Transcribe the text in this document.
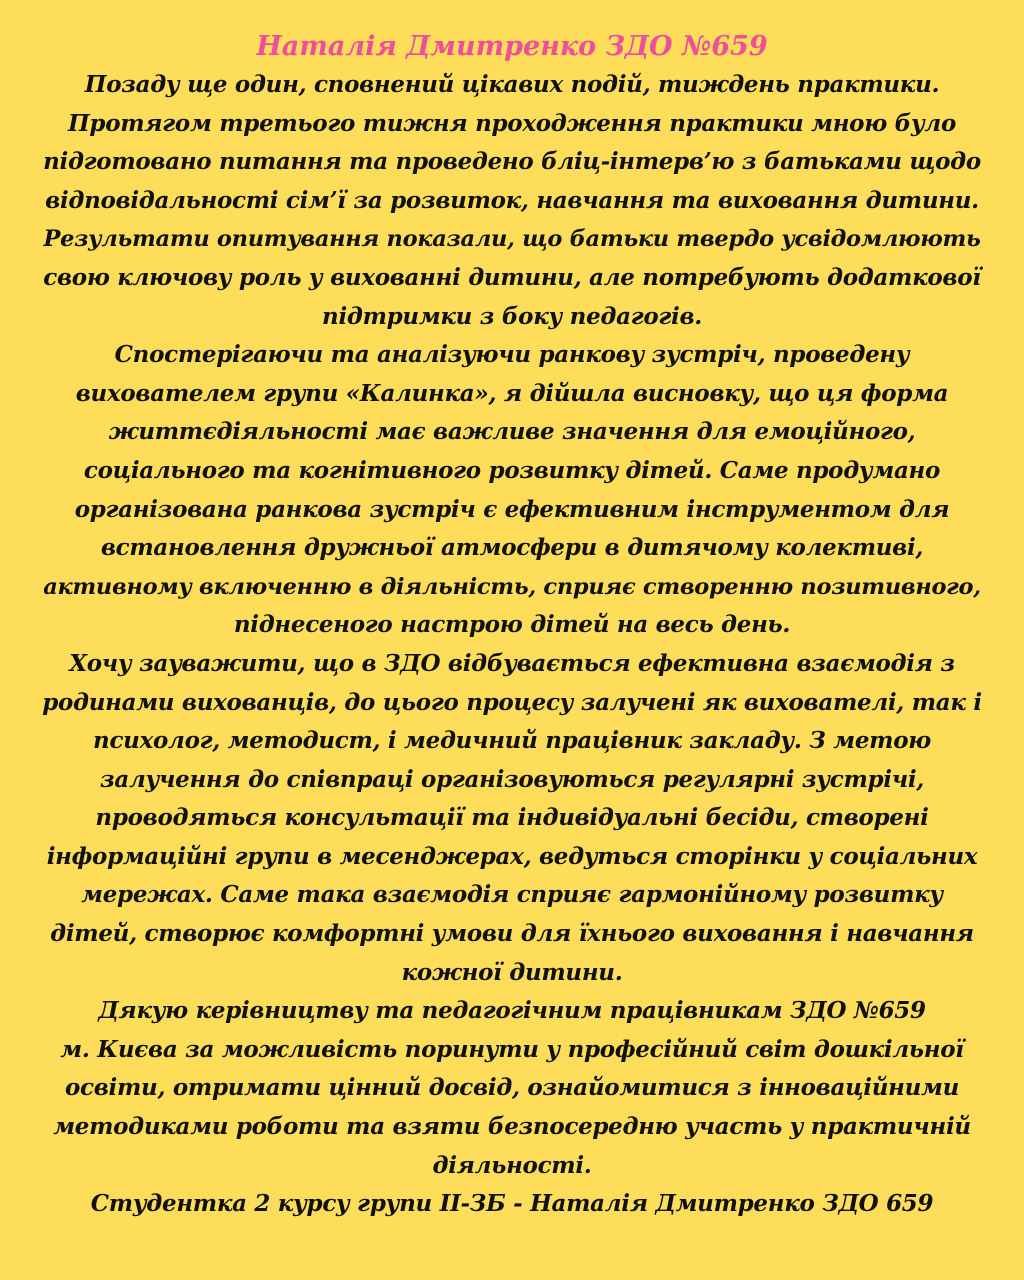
Наталія Дмитренко ЗДО №659
Позаду ще один, сповнений цікавих подій, тиждень практики.
Протягом третього тижня проходження практики мною було
підготовано питання та проведено бліц-інтерв’ю з батьками щодо
відповідальності сім’ї за розвиток, навчання та виховання дитини.
Результати опитування показали, що батьки твердо усвідомлюють
свою ключову роль у вихованні дитини, але потребують додаткової
підтримки з боку педагогів.
Спостерігаючи та аналізуючи ранкову зустріч, проведену
вихователем групи «Калинка», я дійшла висновку, що ця форма
життєдіяльності має важливе значення для емоційного,
соціального та когнітивного розвитку дітей. Саме продумано
організована ранкова зустріч є ефективним інструментом для
встановлення дружньої атмосфери в дитячому колективі,
активному включенню в діяльність, сприяє створенню позитивного,
піднесеного настрою дітей на весь день.
Хочу зауважити, що в ЗДО відбувається ефективна взаємодія з
родинами вихованців, до цього процесу залучені як вихователі, так і
психолог, методист, і медичний працівник закладу. З метою
залучення до співпраці організовуються регулярні зустрічі,
проводяться консультації та індивідуальні бесіди, створені
інформаційні групи в месенджерах, ведуться сторінки у соціальних
мережах. Саме така взаємодія сприяє гармонійному розвитку
дітей, створює комфортні умови для їхнього виховання і навчання
кожної дитини.
Дякую керівництву та педагогічним працівникам ЗДО №659
м. Києва за можливість поринути у професійний світ дошкільної
освіти, отримати цінний досвід, ознайомитися з інноваційними
методиками роботи та взяти безпосередню участь у практичній
діяльності.
Студентка 2 курсу групи ІІ-ЗБ - Наталія Дмитренко ЗДО 659
